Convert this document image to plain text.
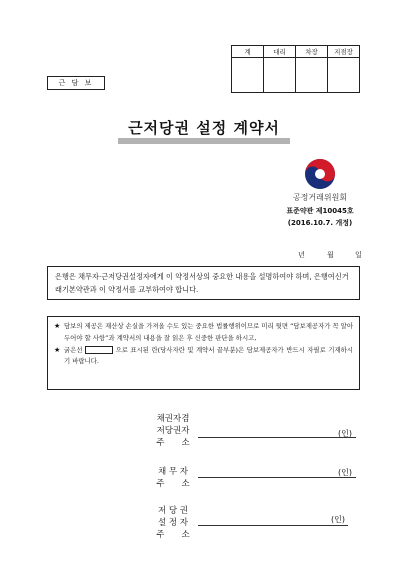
계	대리	차장	지점장

근 담 보
근저당권 설정 계약서
공정거래위원회
표준약관 제10045호
(2016.10.7. 개정)
년	월	일
은행은 채무자·근저당권설정자에게 이 약정서상의 중요한 내용을 설명하여야 하며, 은행여신거래기본약관과 이 약정서를 교부하여야 합니다.
★ 담보의 제공은 재산상 손실을 가져올 수도 있는 중요한 법률행위이므로 미리 뒷면 “담보제공자가 꼭 알아 두어야 할 사항”과 계약서의 내용을 잘 읽은 후 신중한 판단을 하시고,
★ 굵은선	으로 표시된 란(당사자란 및 계약서 끝부분)은 담보제공자가 반드시 자필로 기재하시기 바랍니다.
채권자겸
저당권자
주　　소
(인)
채 무 자
주　　소
(인)
저 당 권
설 정 자
주　　소
(인)
